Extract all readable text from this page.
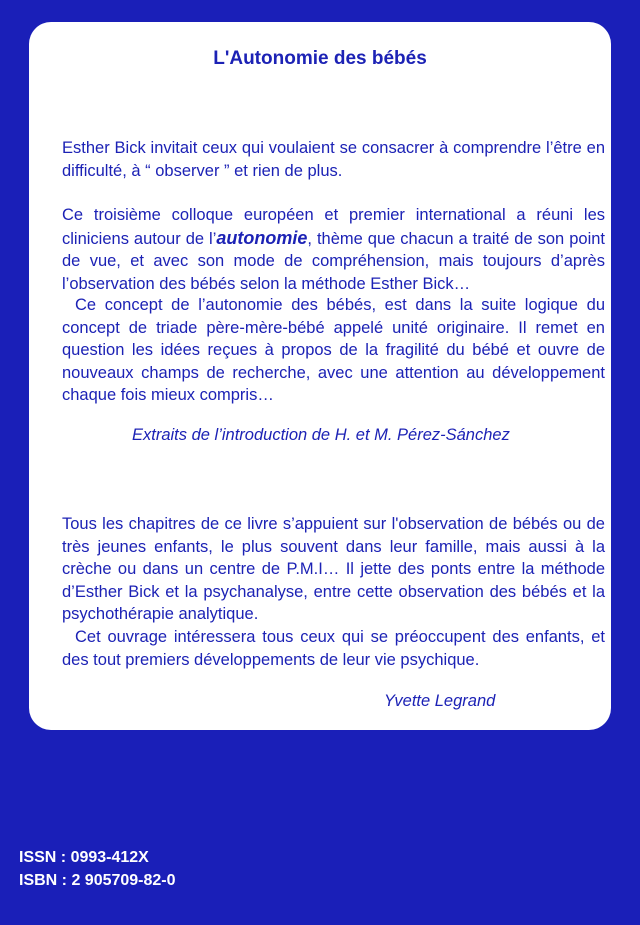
L'Autonomie des bébés

Esther Bick invitait ceux qui voulaient se consacrer à comprendre l’être en difficulté, à “ observer ” et rien de plus.

Ce troisième colloque européen et premier international a réuni les cliniciens autour de l’autonomie, thème que chacun a traité de son point de vue, et avec son mode de compréhension, mais toujours d’après l’observation des bébés selon la méthode Esther Bick…

Ce concept de l’autonomie des bébés, est dans la suite logique du concept de triade père-mère-bébé appelé unité originaire. Il remet en question les idées reçues à propos de la fragilité du bébé et ouvre de nouveaux champs de recherche, avec une attention au développement chaque fois mieux compris…

Extraits de l’introduction de H. et M. Pérez-Sánchez

Tous les chapitres de ce livre s’appuient sur l'observation de bébés ou de très jeunes enfants, le plus souvent dans leur famille, mais aussi à la crèche ou dans un centre de P.M.I… Il jette des ponts entre la méthode d’Esther Bick et la psychanalyse, entre cette observation des bébés et la psychothérapie analytique.

Cet ouvrage intéressera tous ceux qui se préoccupent des enfants, et des tout premiers développements de leur vie psychique.

Yvette Legrand
ISSN : 0993-412X
ISBN : 2 905709-82-0
